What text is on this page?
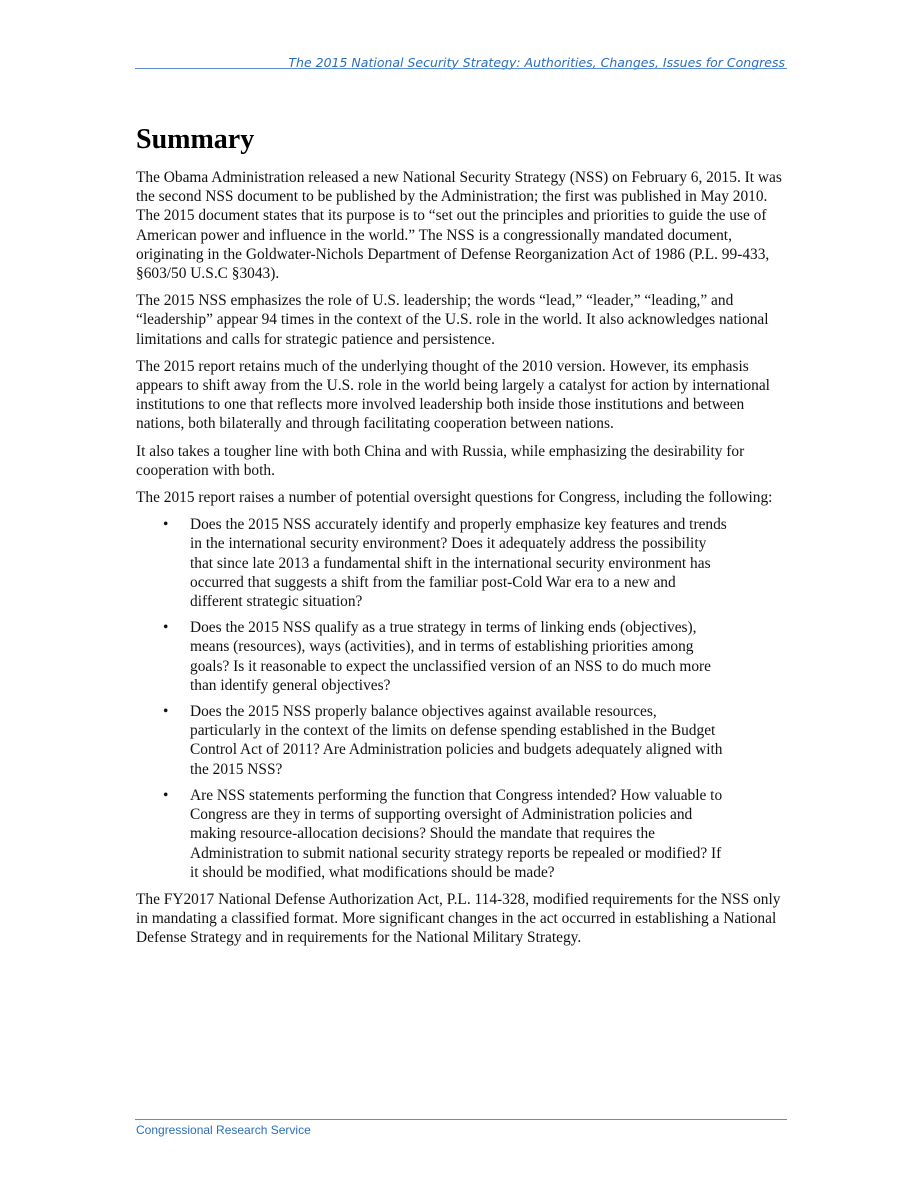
The 2015 National Security Strategy: Authorities, Changes, Issues for Congress
Summary

The Obama Administration released a new National Security Strategy (NSS) on February 6, 2015. It was the second NSS document to be published by the Administration; the first was published in May 2010. The 2015 document states that its purpose is to “set out the principles and priorities to guide the use of American power and influence in the world.” The NSS is a congressionally mandated document, originating in the Goldwater-Nichols Department of Defense Reorganization Act of 1986 (P.L. 99-433, §603/50 U.S.C §3043).

The 2015 NSS emphasizes the role of U.S. leadership; the words “lead,” “leader,” “leading,” and “leadership” appear 94 times in the context of the U.S. role in the world. It also acknowledges national limitations and calls for strategic patience and persistence.

The 2015 report retains much of the underlying thought of the 2010 version. However, its emphasis appears to shift away from the U.S. role in the world being largely a catalyst for action by international institutions to one that reflects more involved leadership both inside those institutions and between nations, both bilaterally and through facilitating cooperation between nations.

It also takes a tougher line with both China and with Russia, while emphasizing the desirability for cooperation with both.

The 2015 report raises a number of potential oversight questions for Congress, including the following:

• Does the 2015 NSS accurately identify and properly emphasize key features and trends in the international security environment? Does it adequately address the possibility that since late 2013 a fundamental shift in the international security environment has occurred that suggests a shift from the familiar post-Cold War era to a new and different strategic situation?
• Does the 2015 NSS qualify as a true strategy in terms of linking ends (objectives), means (resources), ways (activities), and in terms of establishing priorities among goals? Is it reasonable to expect the unclassified version of an NSS to do much more than identify general objectives?
• Does the 2015 NSS properly balance objectives against available resources, particularly in the context of the limits on defense spending established in the Budget Control Act of 2011? Are Administration policies and budgets adequately aligned with the 2015 NSS?
• Are NSS statements performing the function that Congress intended? How valuable to Congress are they in terms of supporting oversight of Administration policies and making resource-allocation decisions? Should the mandate that requires the Administration to submit national security strategy reports be repealed or modified? If it should be modified, what modifications should be made?

The FY2017 National Defense Authorization Act, P.L. 114-328, modified requirements for the NSS only in mandating a classified format. More significant changes in the act occurred in establishing a National Defense Strategy and in requirements for the National Military Strategy.

Congressional Research Service
